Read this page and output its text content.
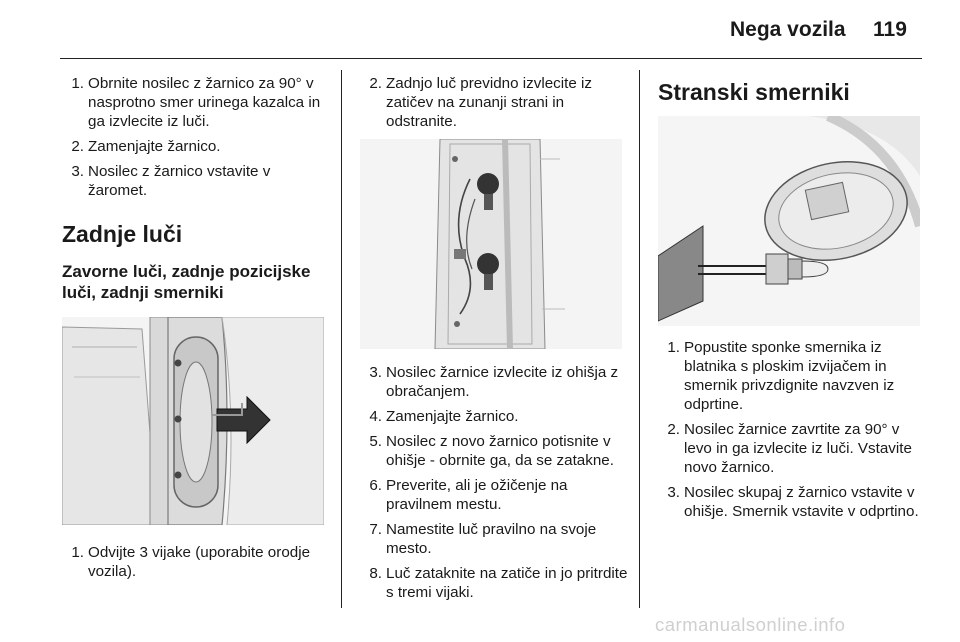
Nega vozila 119
1. Obrnite nosilec z žarnico za 90° v nasprotno smer urinega kazalca in ga izvlecite iz luči.
2. Zamenjajte žarnico.
3. Nosilec z žarnico vstavite v žaromet.
Zadnje luči
Zavorne luči, zadnje pozicijske luči, zadnji smerniki
1. Odvijte 3 vijake (uporabite orodje vozila).
2. Zadnjo luč previdno izvlecite iz zatičev na zunanji strani in odstranite.
3. Nosilec žarnice izvlecite iz ohišja z obračanjem.
4. Zamenjajte žarnico.
5. Nosilec z novo žarnico potisnite v ohišje - obrnite ga, da se zatakne.
6. Preverite, ali je ožičenje na pravilnem mestu.
7. Namestite luč pravilno na svoje mesto.
8. Luč zataknite na zatiče in jo pritrdite s tremi vijaki.
Stranski smerniki
1. Popustite sponke smernika iz blatnika s ploskim izvijačem in smernik privzdignite navzven iz odprtine.
2. Nosilec žarnice zavrtite za 90° v levo in ga izvlecite iz luči. Vstavite novo žarnico.
3. Nosilec skupaj z žarnico vstavite v ohišje. Smernik vstavite v odprtino.
carmanualsonline.info
